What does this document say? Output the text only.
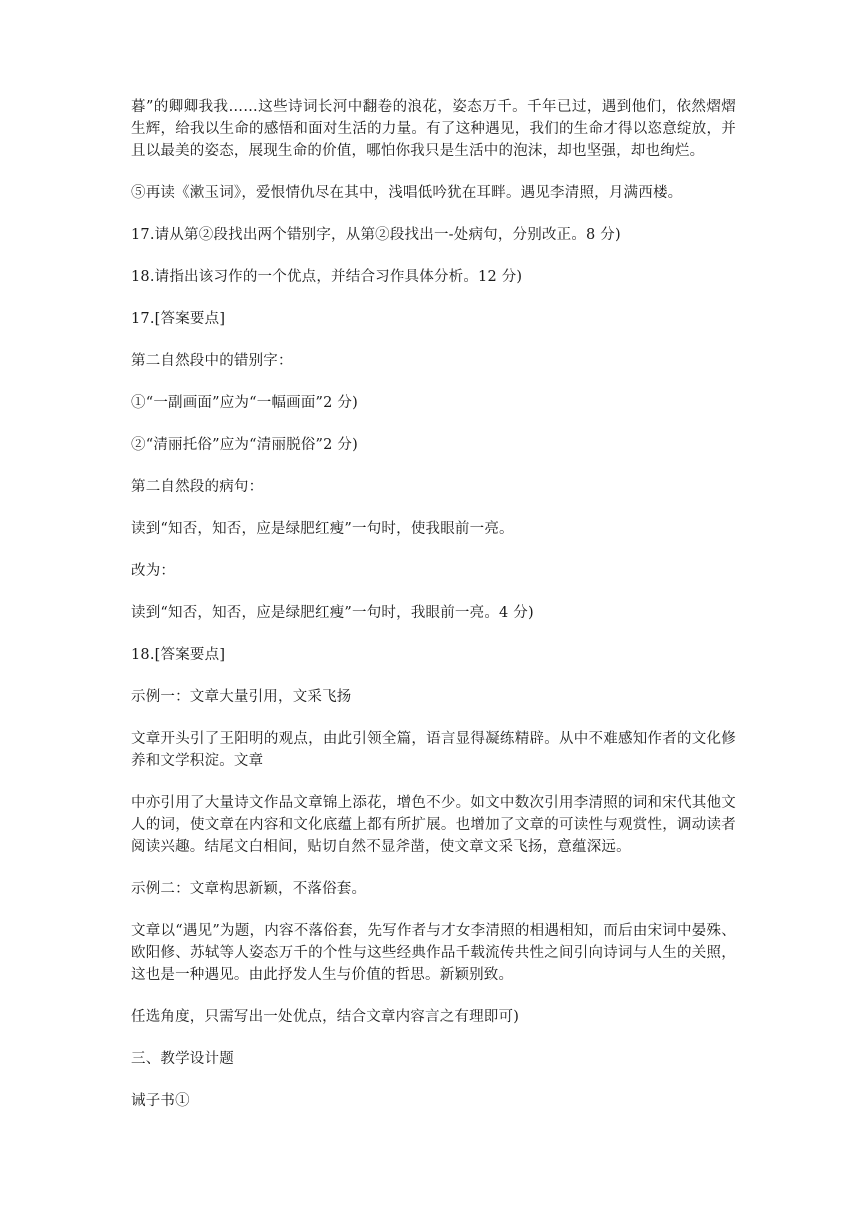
暮”的卿卿我我……这些诗词长河中翻卷的浪花，姿态万千。千年已过，遇到他们，依然熠熠生辉，给我以生命的感悟和面对生活的力量。有了这种遇见，我们的生命才得以恣意绽放，并且以最美的姿态，展现生命的价值，哪怕你我只是生活中的泡沫，却也坚强，却也绚烂。

⑤再读《漱玉词》，爱恨情仇尽在其中，浅唱低吟犹在耳畔。遇见李清照，月满西楼。

17.请从第②段找出两个错别字，从第②段找出一-处病句，分别改正。8 分)

18.请指出该习作的一个优点，并结合习作具体分析。12 分)

17.[答案要点]

第二自然段中的错别字：

①“一副画面”应为“一幅画面”2 分)

②“清丽托俗”应为“清丽脱俗”2 分)

第二自然段的病句：

读到“知否，知否，应是绿肥红瘦”一句时，使我眼前一亮。

改为：

读到“知否，知否，应是绿肥红瘦”一句时，我眼前一亮。4 分)

18.[答案要点]

示例一：文章大量引用，文采飞扬

文章开头引了王阳明的观点，由此引领全篇，语言显得凝练精辟。从中不难感知作者的文化修养和文学积淀。文章

中亦引用了大量诗文作品文章锦上添花，增色不少。如文中数次引用李清照的词和宋代其他文人的词，使文章在内容和文化底蕴上都有所扩展。也增加了文章的可读性与观赏性，调动读者阅读兴趣。结尾文白相间，贴切自然不显斧凿，使文章文采飞扬，意蕴深远。

示例二：文章构思新颖，不落俗套。

文章以“遇见”为题，内容不落俗套，先写作者与才女李清照的相遇相知，而后由宋词中晏殊、欧阳修、苏轼等人姿态万千的个性与这些经典作品千载流传共性之间引向诗词与人生的关照，这也是一种遇见。由此抒发人生与价值的哲思。新颖别致。

任选角度，只需写出一处优点，结合文章内容言之有理即可)

三、教学设计题

诫子书①
